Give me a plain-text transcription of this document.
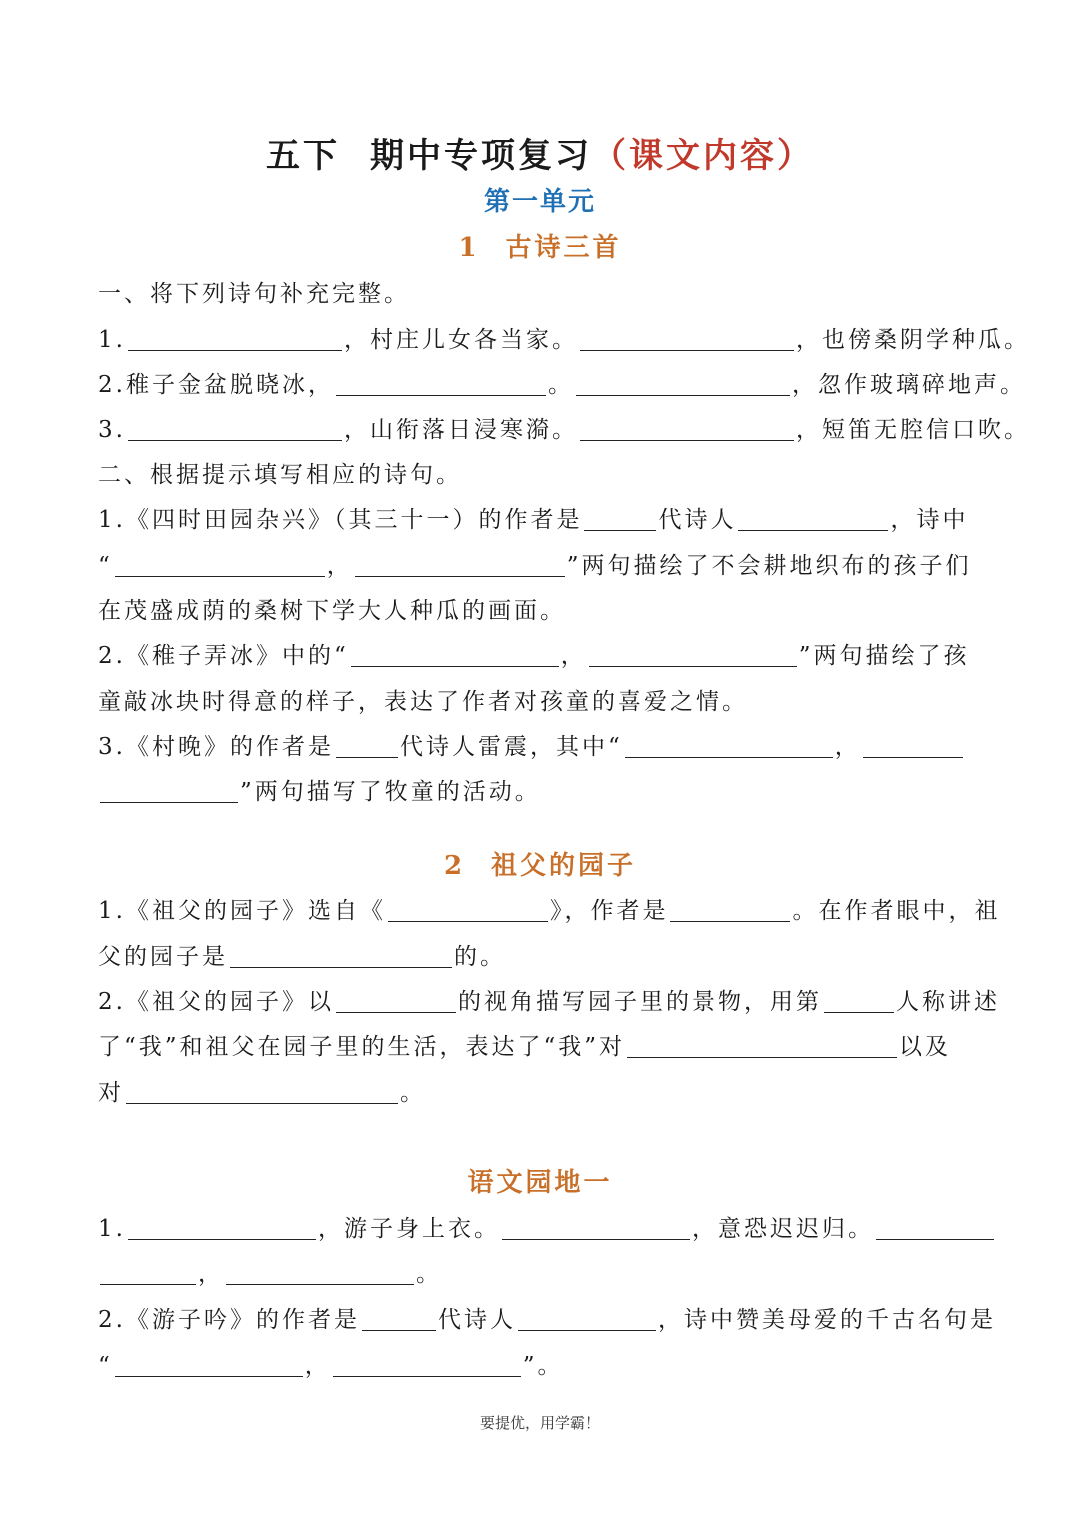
五下 期中专项复习（课文内容）
第一单元
1 古诗三首
一、将下列诗句补充完整。
1.	，村庄儿女各当家。	，也傍桑阴学种瓜。
2.稚子金盆脱晓冰，	。	，忽作玻璃碎地声。
3.	，山衔落日浸寒漪。	，短笛无腔信口吹。
二、根据提示填写相应的诗句。
1.《四时田园杂兴》（其三十一）的作者是	代诗人	，诗中
“	，	”两句描绘了不会耕地织布的孩子们
在茂盛成荫的桑树下学大人种瓜的画面。
2.《稚子弄冰》中的“	，	”两句描绘了孩
童敲冰块时得意的样子，表达了作者对孩童的喜爱之情。
3.《村晚》的作者是	代诗人雷震，其中“	，
”两句描写了牧童的活动。
2 祖父的园子
1.《祖父的园子》选自《	》，作者是	。在作者眼中，祖
父的园子是	的。
2.《祖父的园子》以	的视角描写园子里的景物，用第	人称讲述
了“我”和祖父在园子里的生活，表达了“我”对	以及
对	。
语文园地一
1.	，游子身上衣。	，意恐迟迟归。
，	。
2.《游子吟》的作者是	代诗人	，诗中赞美母爱的千古名句是
“	，	”。
要提优，用学霸！
